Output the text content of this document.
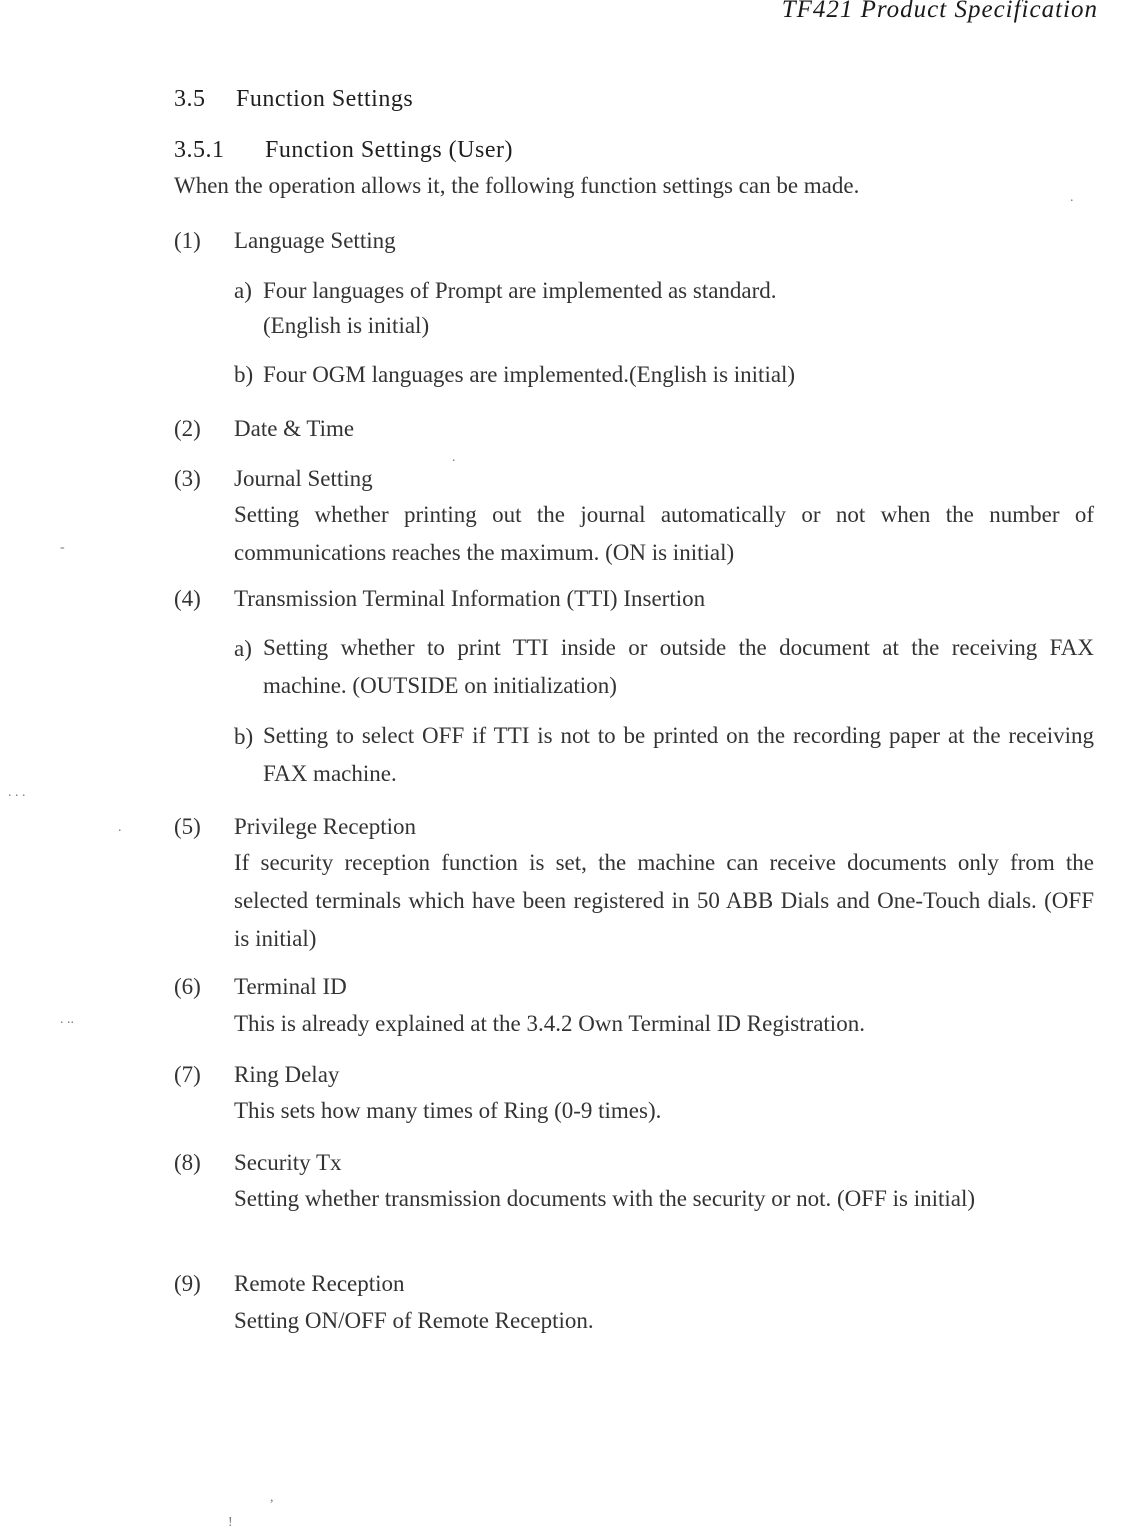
TF421 Product Specification
3.5 Function Settings
3.5.1 Function Settings (User)
When the operation allows it, the following function settings can be made.
(1) Language Setting
a) Four languages of Prompt are implemented as standard.
(English is initial)
b) Four OGM languages are implemented.(English is initial)
(2) Date & Time
(3) Journal Setting
Setting whether printing out the journal automatically or not when the number of communications reaches the maximum. (ON is initial)
(4) Transmission Terminal Information (TTI) Insertion
a) Setting whether to print TTI inside or outside the document at the receiving FAX machine. (OUTSIDE on initialization)
b) Setting to select OFF if TTI is not to be printed on the recording paper at the receiving FAX machine.
(5) Privilege Reception
If security reception function is set, the machine can receive documents only from the selected terminals which have been registered in 50 ABB Dials and One-Touch dials. (OFF is initial)
(6) Terminal ID
This is already explained at the 3.4.2 Own Terminal ID Registration.
(7) Ring Delay
This sets how many times of Ring (0-9 times).
(8) Security Tx
Setting whether transmission documents with the security or not. (OFF is initial)
(9) Remote Reception
Setting ON/OFF of Remote Reception.
-
. . .
.
. ..
.
.
,
!
